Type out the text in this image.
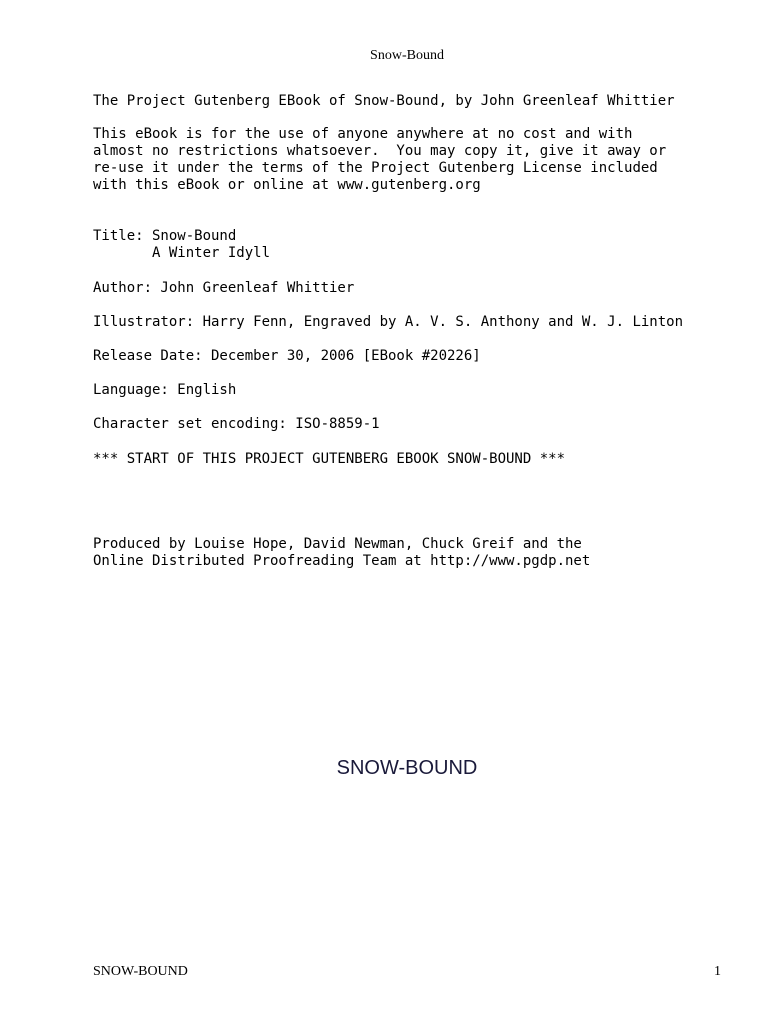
Snow-Bound
The Project Gutenberg EBook of Snow-Bound, by John Greenleaf Whittier
This eBook is for the use of anyone anywhere at no cost and with
almost no restrictions whatsoever.  You may copy it, give it away or
re-use it under the terms of the Project Gutenberg License included
with this eBook or online at www.gutenberg.org
Title: Snow-Bound
A Winter Idyll
Author: John Greenleaf Whittier
Illustrator: Harry Fenn, Engraved by A. V. S. Anthony and W. J. Linton
Release Date: December 30, 2006 [EBook #20226]
Language: English
Character set encoding: ISO-8859-1
*** START OF THIS PROJECT GUTENBERG EBOOK SNOW-BOUND ***
Produced by Louise Hope, David Newman, Chuck Greif and the
Online Distributed Proofreading Team at http://www.pgdp.net
SNOW-BOUND
SNOW-BOUND	1
